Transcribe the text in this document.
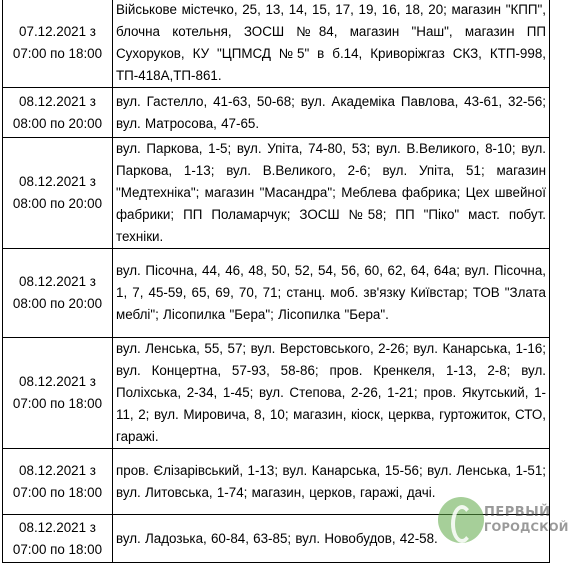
07.12.2021 з
07:00 по 18:00	Військове містечко, 25, 13, 14, 15, 17, 19, 16, 18, 20; магазин "КПП", блочна котельня, ЗОСШ №84, магазин "Наш", магазин ПП Сухоруков, КУ "ЦПМСД №5" в б.14, Криворіжгаз СКЗ, КТП-998, ТП-418А,ТП-861.

08.12.2021 з
08:00 по 20:00	вул. Гастелло, 41-63, 50-68; вул. Академіка Павлова, 43-61, 32-56; вул. Матросова, 47-65.

08.12.2021 з
08:00 по 20:00	вул. Паркова, 1-5; вул. Упіта, 74-80, 53; вул. В.Великого, 8-10; вул. Паркова, 1-13; вул. В.Великого, 2-6; вул. Упіта, 51; магазин "Медтехніка"; магазин "Масандра"; Меблева фабрика; Цех швейної фабрики; ПП Поламарчук; ЗОСШ №58; ПП "Піко" маст. побут. техніки.

08.12.2021 з
08:00 по 20:00	вул. Пісочна, 44, 46, 48, 50, 52, 54, 56, 60, 62, 64, 64а; вул. Пісочна, 1, 7, 45-59, 65, 69, 70, 71; станц. моб. зв'язку Київстар; ТОВ "Злата меблі"; Лісопилка "Бера"; Лісопилка "Бера".

08.12.2021 з
07:00 по 18:00	вул. Ленська, 55, 57; вул. Верстовського, 2-26; вул. Канарська, 1-16; вул. Концертна, 57-93, 58-86; пров. Кренкеля, 1-13, 2-8; вул. Поліхська, 2-34, 1-45; вул. Степова, 2-26, 1-21; пров. Якутський, 1-11, 2; вул. Мировича, 8, 10; магазин, кіоск, церква, гуртожиток, СТО, гаражі.

08.12.2021 з
07:00 по 18:00	пров. Єлізарівський, 1-13; вул. Канарська, 15-56; вул. Ленська, 1-51; вул. Литовська, 1-74; магазин, церков, гаражі, дачі.

08.12.2021 з
07:00 по 18:00	вул. Ладозька, 60-84, 63-85; вул. Новобудов, 42-58.
ПЕРВЫЙ
ГОРОДСКОЙ
